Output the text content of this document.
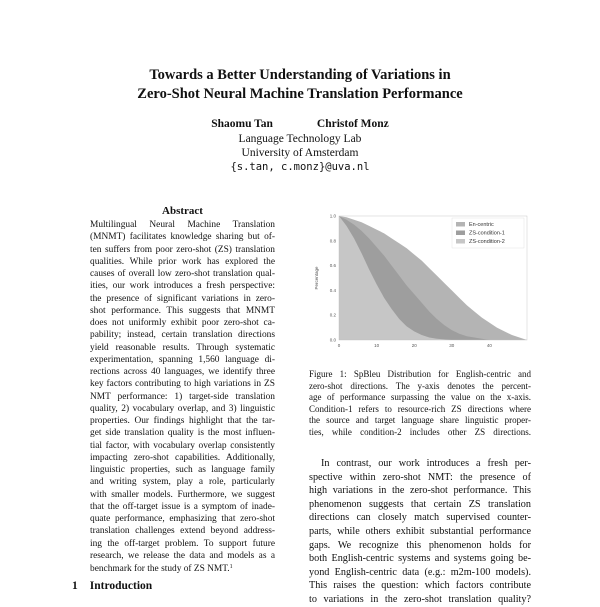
Towards a Better Understanding of Variations in
Zero-Shot Neural Machine Translation Performance
Shaomu Tan	Christof Monz
Language Technology Lab
University of Amsterdam
{s.tan, c.monz}@uva.nl
Abstract
Multilingual Neural Machine Translation
(MNMT) facilitates knowledge sharing but of-
ten suffers from poor zero-shot (ZS) translation
qualities. While prior work has explored the
causes of overall low zero-shot translation qual-
ities, our work introduces a fresh perspective:
the presence of significant variations in zero-
shot performance. This suggests that MNMT
does not uniformly exhibit poor zero-shot ca-
pability; instead, certain translation directions
yield reasonable results. Through systematic
experimentation, spanning 1,560 language di-
rections across 40 languages, we identify three
key factors contributing to high variations in ZS
NMT performance: 1) target-side translation
quality, 2) vocabulary overlap, and 3) linguistic
properties. Our findings highlight that the tar-
get side translation quality is the most influen-
tial factor, with vocabulary overlap consistently
impacting zero-shot capabilities. Additionally,
linguistic properties, such as language family
and writing system, play a role, particularly
with smaller models. Furthermore, we suggest
that the off-target issue is a symptom of inade-
quate performance, emphasizing that zero-shot
translation challenges extend beyond address-
ing the off-target problem. To support future
research, we release the data and models as a
benchmark for the study of ZS NMT.$^1$
1 Introduction
0.0
0.2
0.4
0.6
0.8
1.0
0	10	20	30	40
Percentage
En-centric
ZS-condition-1
ZS-condition-2
Figure 1: SpBleu Distribution for English-centric and
zero-shot directions. The y-axis denotes the percent-
age of performance surpassing the value on the x-axis.
Condition-1 refers to resource-rich ZS directions where
the source and target language share linguistic proper-
ties, while condition-2 includes other ZS directions.
In contrast, our work introduces a fresh per-
spective within zero-shot NMT: the presence of
high variations in the zero-shot performance. This
phenomenon suggests that certain ZS translation
directions can closely match supervised counter-
parts, while others exhibit substantial performance
gaps. We recognize this phenomenon holds for
both English-centric systems and systems going be-
yond English-centric data (e.g.: m2m-100 models).
This raises the question: which factors contribute
to variations in the zero-shot translation quality?
